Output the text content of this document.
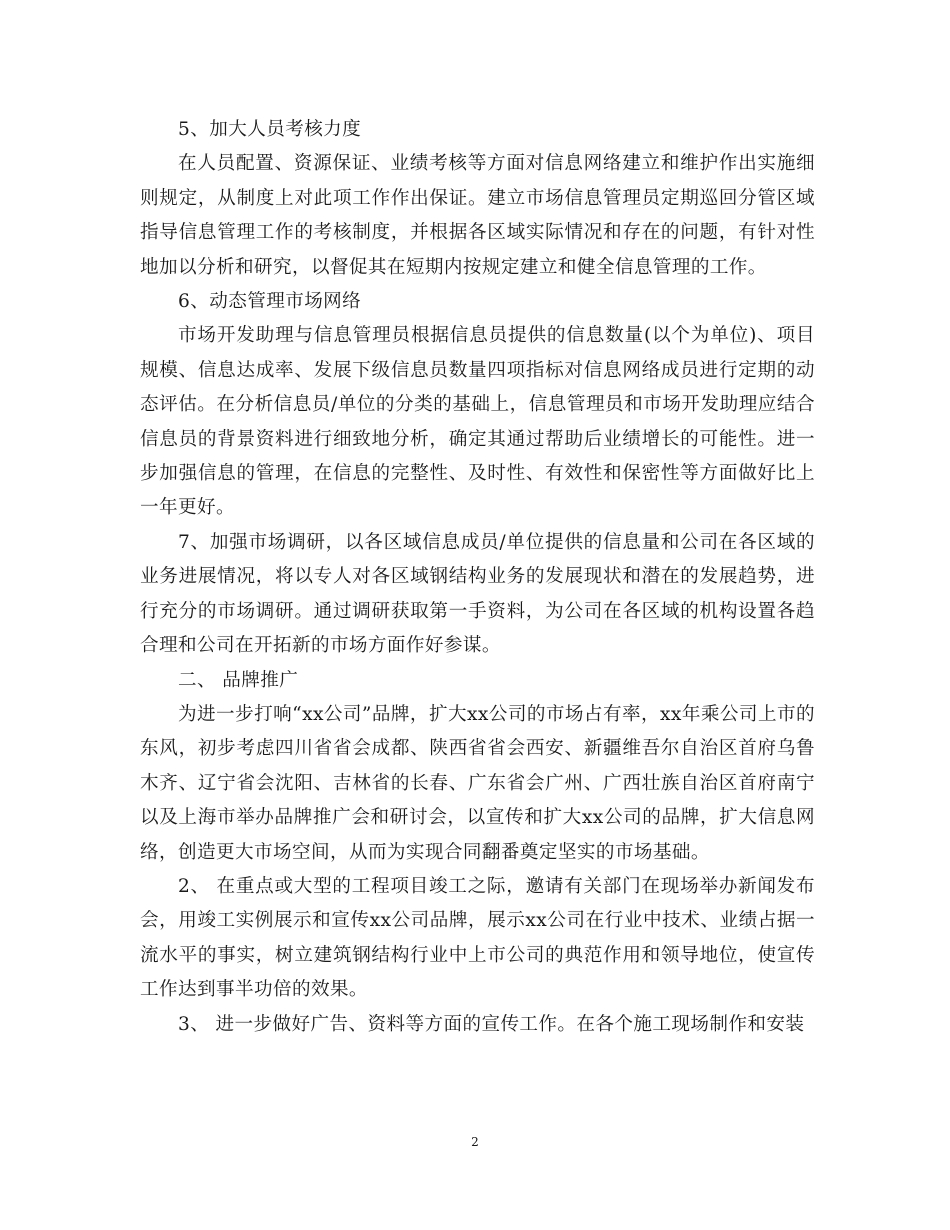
5、加大人员考核力度

在人员配置、资源保证、业绩考核等方面对信息网络建立和维护作出实施细则规定，从制度上对此项工作作出保证。建立市场信息管理员定期巡回分管区域指导信息管理工作的考核制度，并根据各区域实际情况和存在的问题，有针对性地加以分析和研究，以督促其在短期内按规定建立和健全信息管理的工作。

6、动态管理市场网络

市场开发助理与信息管理员根据信息员提供的信息数量(以个为单位)、项目规模、信息达成率、发展下级信息员数量四项指标对信息网络成员进行定期的动态评估。在分析信息员/单位的分类的基础上，信息管理员和市场开发助理应结合信息员的背景资料进行细致地分析，确定其通过帮助后业绩增长的可能性。进一步加强信息的管理，在信息的完整性、及时性、有效性和保密性等方面做好比上一年更好。

7、加强市场调研，以各区域信息成员/单位提供的信息量和公司在各区域的业务进展情况，将以专人对各区域钢结构业务的发展现状和潜在的发展趋势，进行充分的市场调研。通过调研获取第一手资料，为公司在各区域的机构设置各趋合理和公司在开拓新的市场方面作好参谋。

二、 品牌推广

为进一步打响“xx公司”品牌，扩大xx公司的市场占有率，xx年乘公司上市的东风，初步考虑四川省省会成都、陕西省省会西安、新疆维吾尔自治区首府乌鲁木齐、辽宁省会沈阳、吉林省的长春、广东省会广州、广西壮族自治区首府南宁以及上海市举办品牌推广会和研讨会，以宣传和扩大xx公司的品牌，扩大信息网络，创造更大市场空间，从而为实现合同翻番奠定坚实的市场基础。

2、 在重点或大型的工程项目竣工之际，邀请有关部门在现场举办新闻发布会，用竣工实例展示和宣传xx公司品牌，展示xx公司在行业中技术、业绩占据一流水平的事实，树立建筑钢结构行业中上市公司的典范作用和领导地位，使宣传工作达到事半功倍的效果。

3、 进一步做好广告、资料等方面的宣传工作。在各个施工现场制作和安装

2
